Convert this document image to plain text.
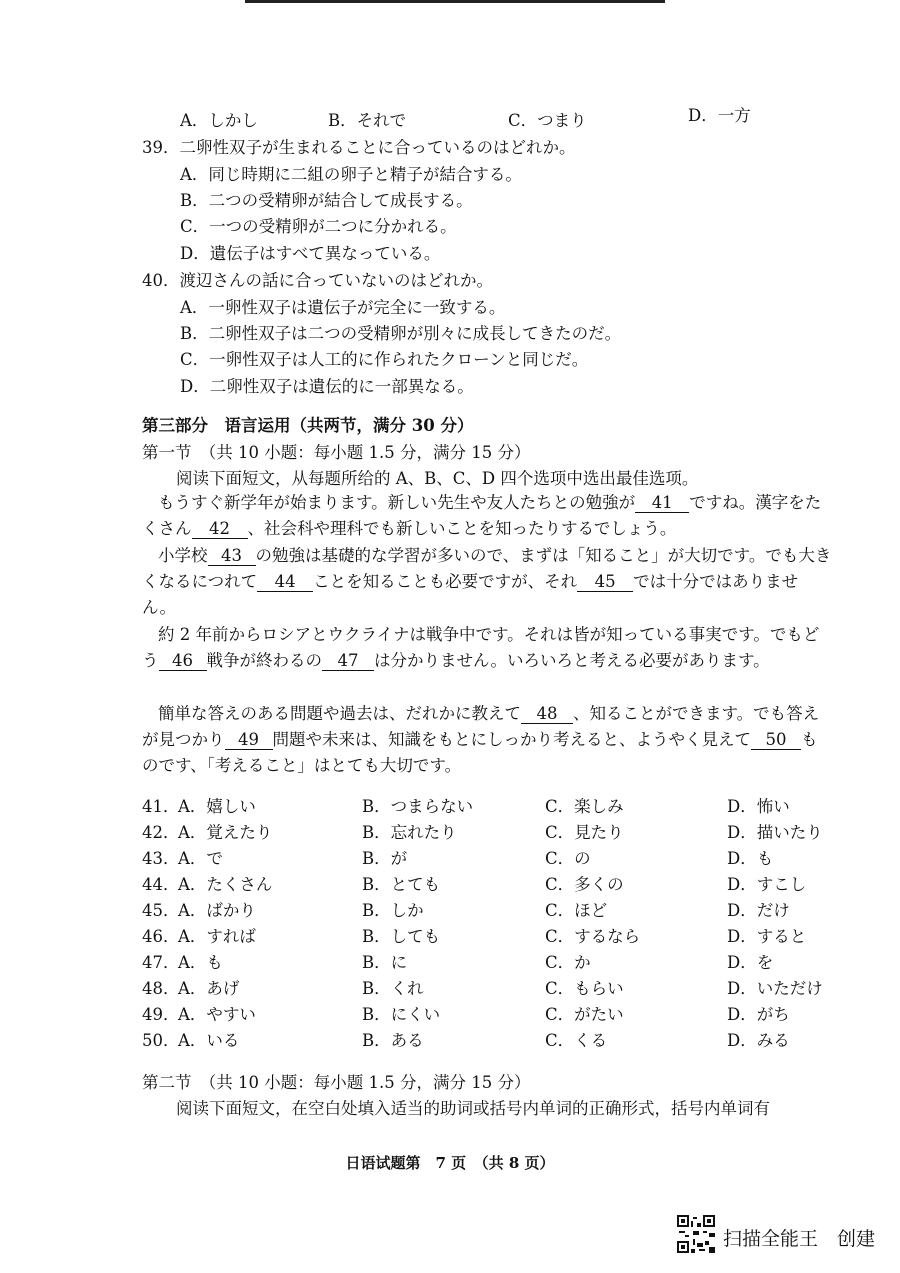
A．しかし	B．それで	C．つまり	D．一方
39．二卵性双子が生まれることに合っているのはどれか。
A．同じ時期に二組の卵子と精子が結合する。
B．二つの受精卵が結合して成長する。
C．一つの受精卵が二つに分かれる。
D．遺伝子はすべて異なっている。
40．渡辺さんの話に合っていないのはどれか。
A．一卵性双子は遺伝子が完全に一致する。
B．二卵性双子は二つの受精卵が別々に成長してきたのだ。
C．一卵性双子は人工的に作られたクローンと同じだ。
D．二卵性双子は遺伝的に一部異なる。
第三部分　语言运用（共两节，满分 30 分）
第一节　（共 10 小题：每小题 1.5 分，满分 15 分）
阅读下面短文，从每题所给的 A、B、C、D 四个选项中选出最佳选项。
もうすぐ新学年が始まります。新しい先生や友人たちとの勉強が 41 ですね。漢字をたくさん 42 、社会科や理科でも新しいことを知ったりするでしょう。
小学校 43 の勉強は基礎的な学習が多いので、まずは「知ること」が大切です。でも大きくなるにつれて 44 ことを知ることも必要ですが、それ 45 では十分ではありません。
約 2 年前からロシアとウクライナは戦争中です。それは皆が知っている事実です。でもどう 46 戦争が終わるの 47 は分かりません。いろいろと考える必要があります。
簡単な答えのある問題や過去は、だれかに教えて 48 、知ることができます。でも答えが見つかり 49 問題や未来は、知識をもとにしっかり考えると、ようやく見えて 50 ものです、「考えること」はとても大切です。
41．
A．嬉しい	B．つまらない	C．楽しみ	D．怖い
42．
A．覚えたり	B．忘れたり	C．見たり	D．描いたり
43．
A．で	B．が	C．の	D．も
44．
A．たくさん	B．とても	C．多くの	D．すこし
45．
A．ばかり	B．しか	C．ほど	D．だけ
46．
A．すれば	B．しても	C．するなら	D．すると
47．
A．も	B．に	C．か	D．を
48．
A．あげ	B．くれ	C．もらい	D．いただけ
49．
A．やすい	B．にくい	C．がたい	D．がち
50．
A．いる	B．ある	C．くる	D．みる
第二节　（共 10 小题：每小题 1.5 分，满分 15 分）
阅读下面短文，在空白处填入适当的助词或括号内单词的正确形式，括号内单词有
日语试题第　7 页　（共 8 页）
扫描全能王　创建
